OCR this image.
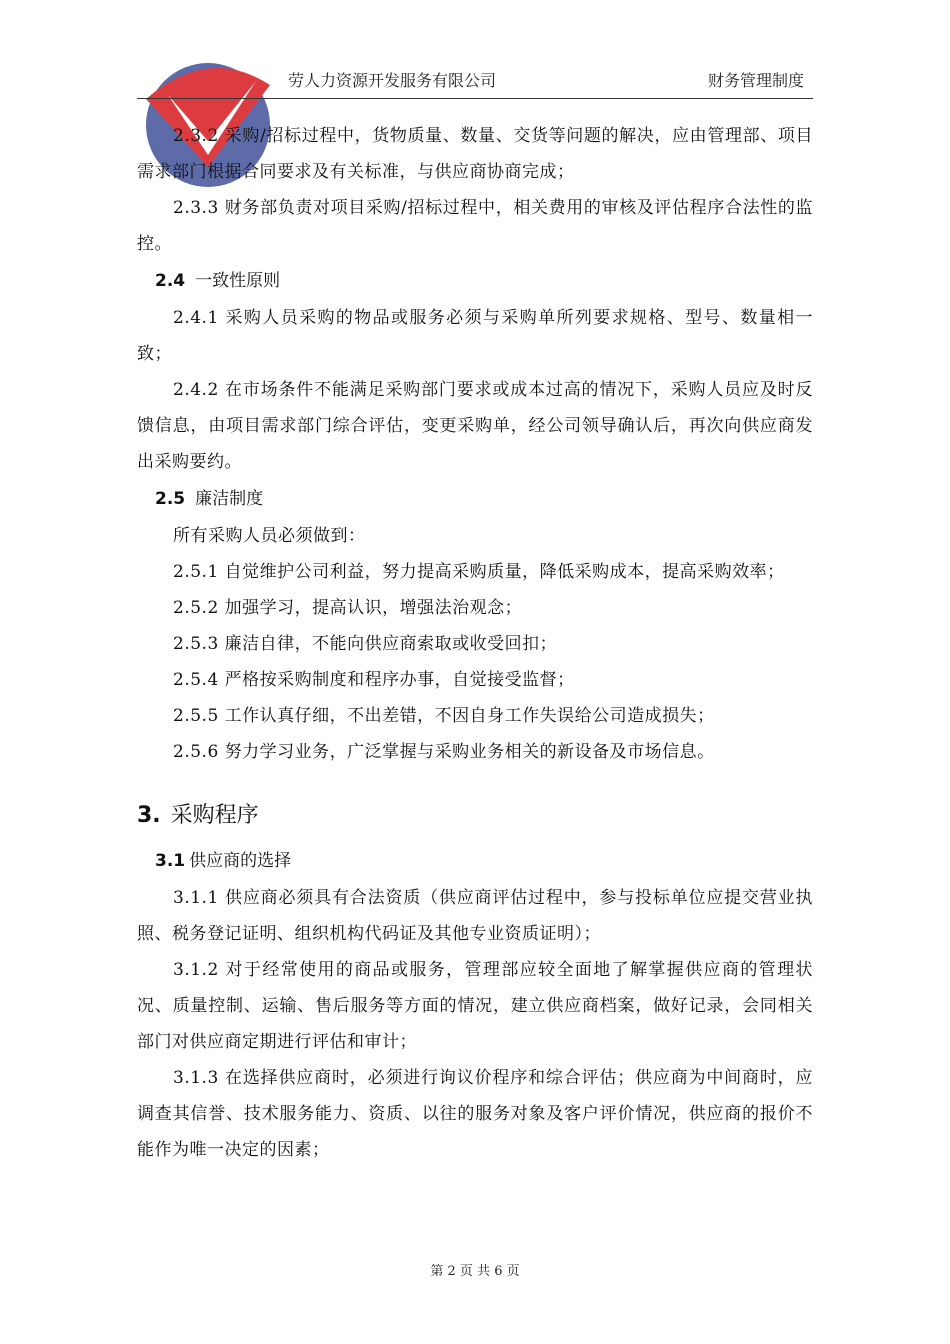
劳人力资源开发服务有限公司	财务管理制度

2.3.2 采购/招标过程中，货物质量、数量、交货等问题的解决，应由管理部、项目需求部门根据合同要求及有关标准，与供应商协商完成；

2.3.3 财务部负责对项目采购/招标过程中，相关费用的审核及评估程序合法性的监控。

2.4 一致性原则

2.4.1 采购人员采购的物品或服务必须与采购单所列要求规格、型号、数量相一致；

2.4.2 在市场条件不能满足采购部门要求或成本过高的情况下，采购人员应及时反馈信息，由项目需求部门综合评估，变更采购单，经公司领导确认后，再次向供应商发出采购要约。

2.5 廉洁制度

所有采购人员必须做到：

2.5.1 自觉维护公司利益，努力提高采购质量，降低采购成本，提高采购效率；

2.5.2 加强学习，提高认识，增强法治观念；

2.5.3 廉洁自律，不能向供应商索取或收受回扣；

2.5.4 严格按采购制度和程序办事，自觉接受监督；

2.5.5 工作认真仔细，不出差错，不因自身工作失误给公司造成损失；

2.5.6 努力学习业务，广泛掌握与采购业务相关的新设备及市场信息。

3. 采购程序

3.1 供应商的选择

3.1.1 供应商必须具有合法资质（供应商评估过程中，参与投标单位应提交营业执照、税务登记证明、组织机构代码证及其他专业资质证明）；

3.1.2 对于经常使用的商品或服务，管理部应较全面地了解掌握供应商的管理状况、质量控制、运输、售后服务等方面的情况，建立供应商档案，做好记录，会同相关部门对供应商定期进行评估和审计；

3.1.3 在选择供应商时，必须进行询议价程序和综合评估；供应商为中间商时，应调查其信誉、技术服务能力、资质、以往的服务对象及客户评价情况，供应商的报价不能作为唯一决定的因素；

第 2 页 共 6 页
